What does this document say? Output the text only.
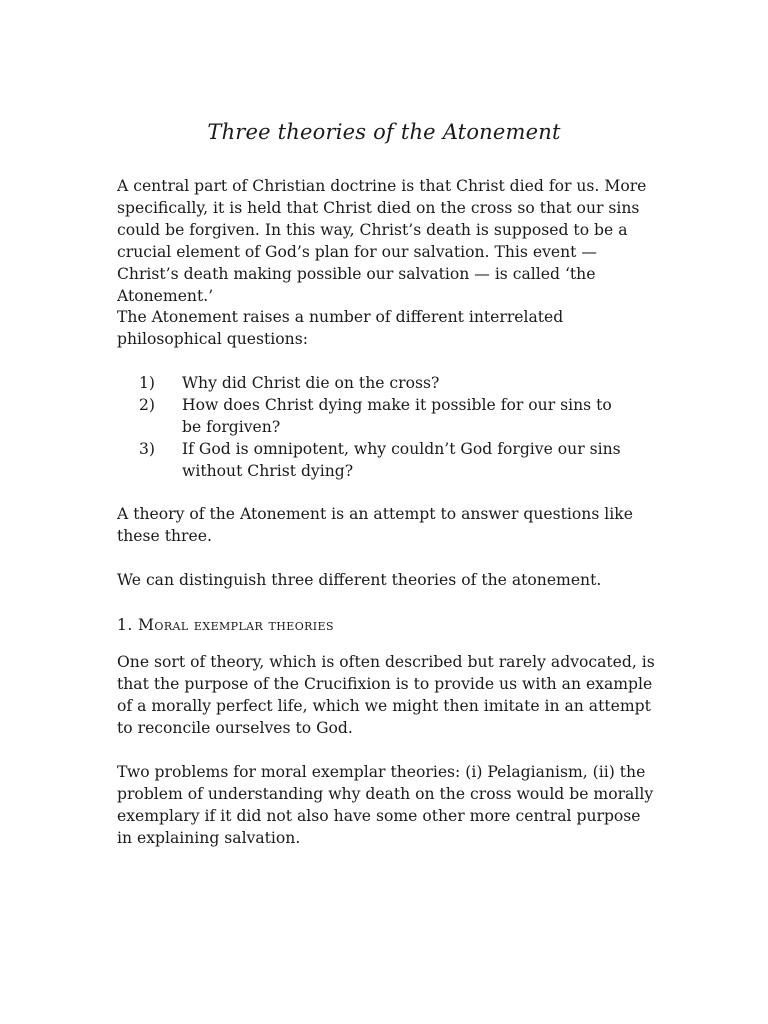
Three theories of the Atonement
A central part of Christian doctrine is that Christ died for us. More specifically, it is held that Christ died on the cross so that our sins could be forgiven. In this way, Christ’s death is supposed to be a crucial element of God’s plan for our salvation. This event — Christ’s death making possible our salvation — is called ‘the Atonement.’
The Atonement raises a number of different interrelated philosophical questions:
1)	Why did Christ die on the cross?
2)	How does Christ dying make it possible for our sins to be forgiven?
3)	If God is omnipotent, why couldn’t God forgive our sins without Christ dying?
A theory of the Atonement is an attempt to answer questions like these three.
We can distinguish three different theories of the atonement.
1. Moral exemplar theories
One sort of theory, which is often described but rarely advocated, is that the purpose of the Crucifixion is to provide us with an example of a morally perfect life, which we might then imitate in an attempt to reconcile ourselves to God.
Two problems for moral exemplar theories: (i) Pelagianism, (ii) the problem of understanding why death on the cross would be morally exemplary if it did not also have some other more central purpose in explaining salvation.
